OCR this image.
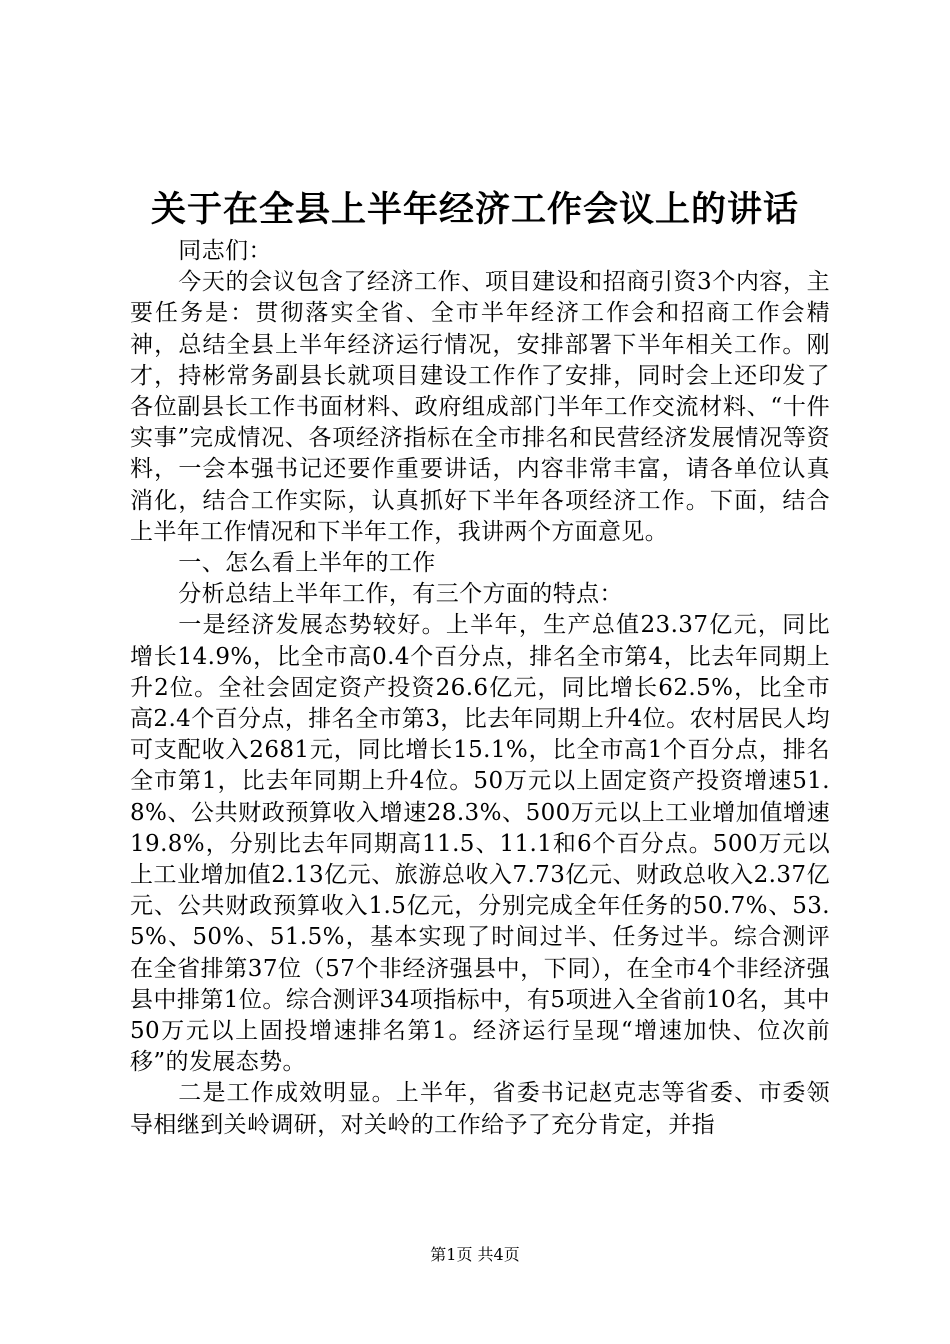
关于在全县上半年经济工作会议上的讲话

同志们：

今天的会议包含了经济工作、项目建设和招商引资3个内容，主要任务是：贯彻落实全省、全市半年经济工作会和招商工作会精神，总结全县上半年经济运行情况，安排部署下半年相关工作。刚才，持彬常务副县长就项目建设工作作了安排，同时会上还印发了各位副县长工作书面材料、政府组成部门半年工作交流材料、“十件实事”完成情况、各项经济指标在全市排名和民营经济发展情况等资料，一会本强书记还要作重要讲话，内容非常丰富，请各单位认真消化，结合工作实际，认真抓好下半年各项经济工作。下面，结合上半年工作情况和下半年工作，我讲两个方面意见。

一、怎么看上半年的工作

分析总结上半年工作，有三个方面的特点：

一是经济发展态势较好。上半年，生产总值23.37亿元，同比增长14.9%，比全市高0.4个百分点，排名全市第4，比去年同期上升2位。全社会固定资产投资26.6亿元，同比增长62.5%，比全市高2.4个百分点，排名全市第3，比去年同期上升4位。农村居民人均可支配收入2681元，同比增长15.1%，比全市高1个百分点，排名全市第1，比去年同期上升4位。50万元以上固定资产投资增速51.8%、公共财政预算收入增速28.3%、500万元以上工业增加值增速19.8%，分别比去年同期高11.5、11.1和6个百分点。500万元以上工业增加值2.13亿元、旅游总收入7.73亿元、财政总收入2.37亿元、公共财政预算收入1.5亿元，分别完成全年任务的50.7%、53.5%、50%、51.5%，基本实现了时间过半、任务过半。综合测评在全省排第37位（57个非经济强县中，下同），在全市4个非经济强县中排第1位。综合测评34项指标中，有5项进入全省前10名，其中50万元以上固投增速排名第1。经济运行呈现“增速加快、位次前移”的发展态势。

二是工作成效明显。上半年，省委书记赵克志等省委、市委领导相继到关岭调研，对关岭的工作给予了充分肯定，并指

第1页 共4页
